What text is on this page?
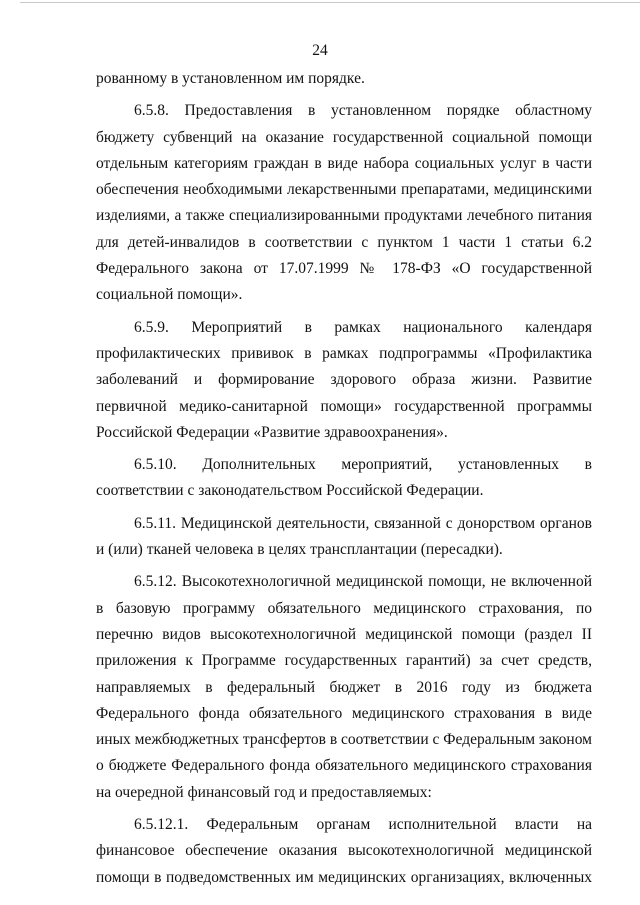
24

рованному в установленном им порядке.

6.5.8. Предоставления в установленном порядке областному бюджету субвенций на оказание государственной социальной помощи отдельным категориям граждан в виде набора социальных услуг в части обеспечения необходимыми лекарственными препаратами, медицинскими изделиями, а также специализированными продуктами лечебного питания для детей-инвалидов в соответствии с пунктом 1 части 1 статьи 6.2 Федерального закона от 17.07.1999 № 178-ФЗ «О государственной социальной помощи».

6.5.9. Мероприятий в рамках национального календаря профилактических прививок в рамках подпрограммы «Профилактика заболеваний и формирование здорового образа жизни. Развитие первичной медико-санитарной помощи» государственной программы Российской Федерации «Развитие здравоохранения».

6.5.10. Дополнительных мероприятий, установленных в соответствии с законодательством Российской Федерации.

6.5.11. Медицинской деятельности, связанной с донорством органов и (или) тканей человека в целях трансплантации (пересадки).

6.5.12. Высокотехнологичной медицинской помощи, не включенной в базовую программу обязательного медицинского страхования, по перечню видов высокотехнологичной медицинской помощи (раздел II приложения к Программе государственных гарантий) за счет средств, направляемых в федеральный бюджет в 2016 году из бюджета Федерального фонда обязательного медицинского страхования в виде иных межбюджетных трансфертов в соответствии с Федеральным законом о бюджете Федерального фонда обязательного медицинского страхования на очередной финансовый год и предоставляемых:

6.5.12.1. Федеральным органам исполнительной власти на финансовое обеспечение оказания высокотехнологичной медицинской помощи в подведомственных им медицинских организациях, включенных
